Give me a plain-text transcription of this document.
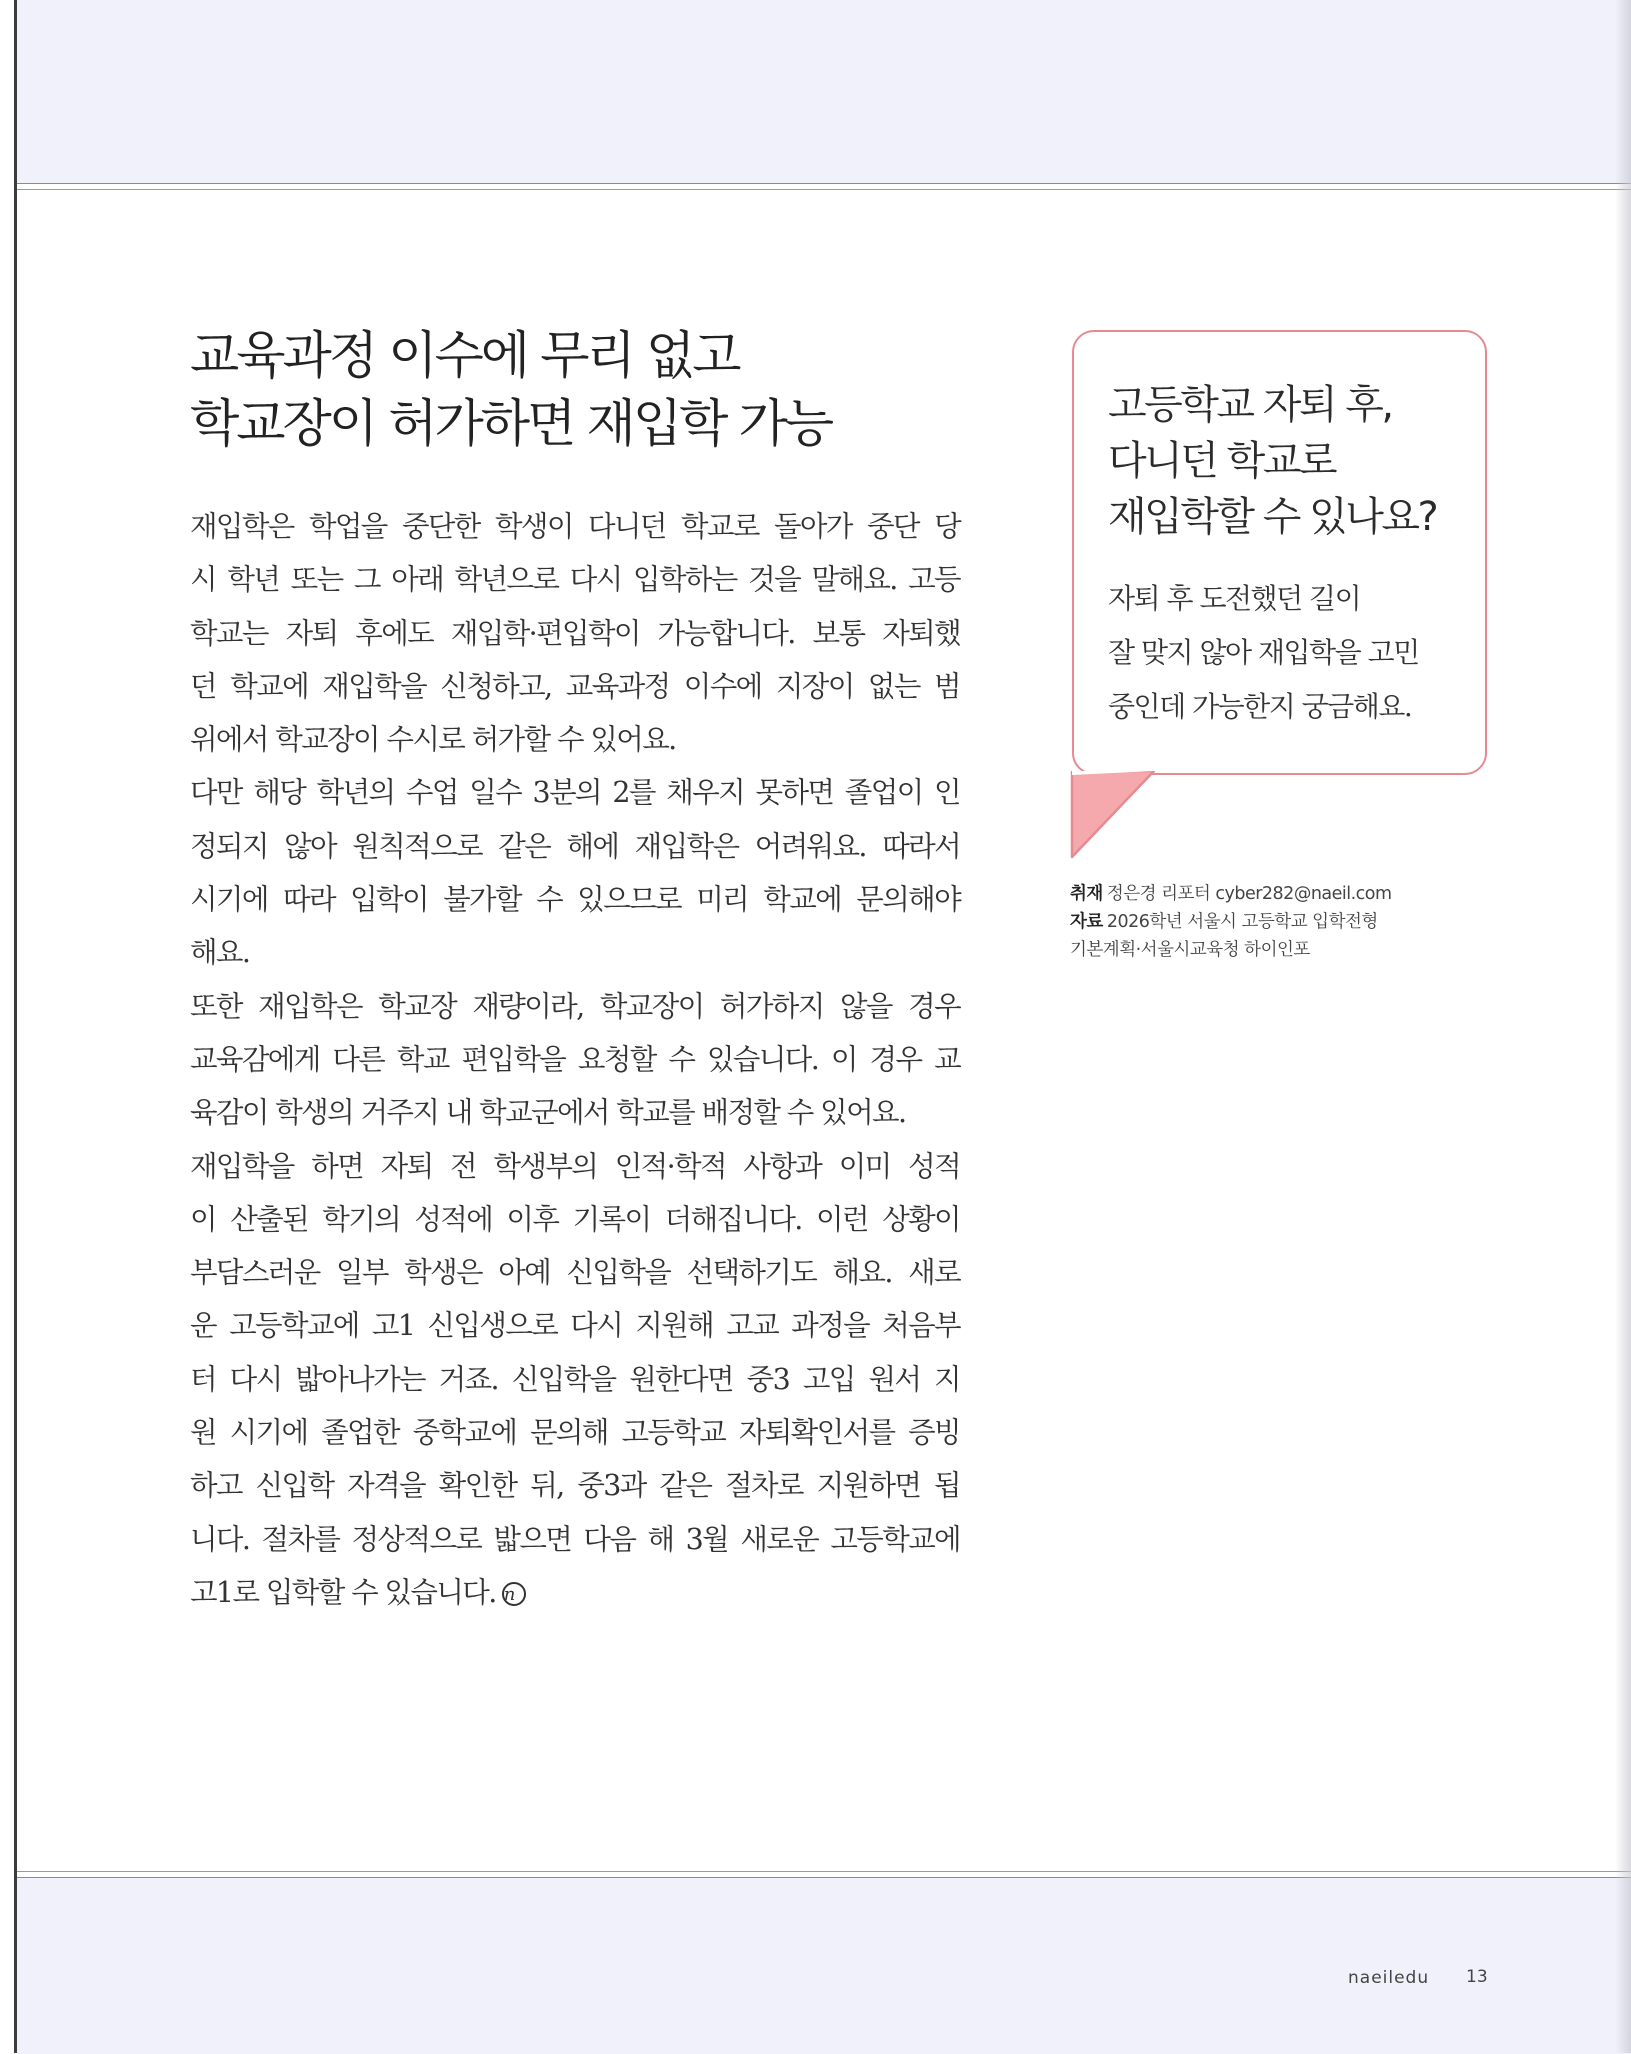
교육과정 이수에 무리 없고
학교장이 허가하면 재입학 가능
재입학은 학업을 중단한 학생이 다니던 학교로 돌아가 중단 당
시 학년 또는 그 아래 학년으로 다시 입학하는 것을 말해요. 고등
학교는 자퇴 후에도 재입학·편입학이 가능합니다. 보통 자퇴했
던 학교에 재입학을 신청하고, 교육과정 이수에 지장이 없는 범
위에서 학교장이 수시로 허가할 수 있어요.
다만 해당 학년의 수업 일수 3분의 2를 채우지 못하면 졸업이 인
정되지 않아 원칙적으로 같은 해에 재입학은 어려워요. 따라서
시기에 따라 입학이 불가할 수 있으므로 미리 학교에 문의해야
해요.
또한 재입학은 학교장 재량이라, 학교장이 허가하지 않을 경우
교육감에게 다른 학교 편입학을 요청할 수 있습니다. 이 경우 교
육감이 학생의 거주지 내 학교군에서 학교를 배정할 수 있어요.
재입학을 하면 자퇴 전 학생부의 인적·학적 사항과 이미 성적
이 산출된 학기의 성적에 이후 기록이 더해집니다. 이런 상황이
부담스러운 일부 학생은 아예 신입학을 선택하기도 해요. 새로
운 고등학교에 고1 신입생으로 다시 지원해 고교 과정을 처음부
터 다시 밟아나가는 거죠. 신입학을 원한다면 중3 고입 원서 지
원 시기에 졸업한 중학교에 문의해 고등학교 자퇴확인서를 증빙
하고 신입학 자격을 확인한 뒤, 중3과 같은 절차로 지원하면 됩
니다. 절차를 정상적으로 밟으면 다음 해 3월 새로운 고등학교에
고1로 입학할 수 있습니다. n
고등학교 자퇴 후,
다니던 학교로
재입학할 수 있나요?
자퇴 후 도전했던 길이
잘 맞지 않아 재입학을 고민
중인데 가능한지 궁금해요.
취재 정은경 리포터 cyber282@naeil.com
자료 2026학년 서울시 고등학교 입학전형
기본계획·서울시교육청 하이인포
naeiledu 13
